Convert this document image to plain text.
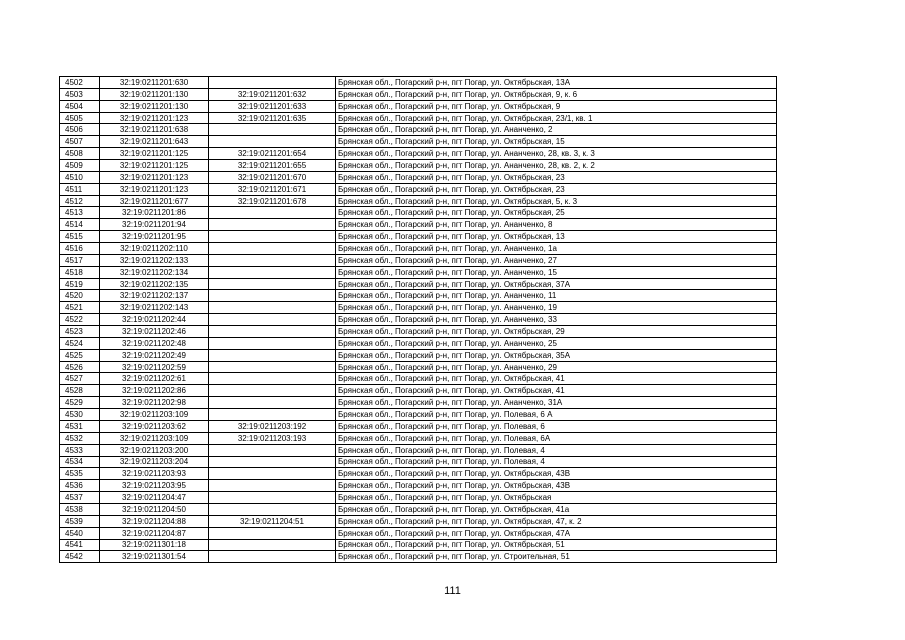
4502	32:19:0211201:630		Брянская обл., Погарский р-н, пгт Погар, ул. Октябрьская, 13А
4503	32:19:0211201:130	32:19:0211201:632	Брянская обл., Погарский р-н, пгт Погар, ул. Октябрьская, 9, к. 6
4504	32:19:0211201:130	32:19:0211201:633	Брянская обл., Погарский р-н, пгт Погар, ул. Октябрьская, 9
4505	32:19:0211201:123	32:19:0211201:635	Брянская обл., Погарский р-н, пгт Погар, ул. Октябрьская, 23/1, кв. 1
4506	32:19:0211201:638		Брянская обл., Погарский р-н, пгт Погар, ул. Ананченко, 2
4507	32:19:0211201:643		Брянская обл., Погарский р-н, пгт Погар, ул. Октябрьская, 15
4508	32:19:0211201:125	32:19:0211201:654	Брянская обл., Погарский р-н, пгт Погар, ул. Ананченко, 28, кв. 3, к. 3
4509	32:19:0211201:125	32:19:0211201:655	Брянская обл., Погарский р-н, пгт Погар, ул. Ананченко, 28, кв. 2, к. 2
4510	32:19:0211201:123	32:19:0211201:670	Брянская обл., Погарский р-н, пгт Погар, ул. Октябрьская, 23
4511	32:19:0211201:123	32:19:0211201:671	Брянская обл., Погарский р-н, пгт Погар, ул. Октябрьская, 23
4512	32:19:0211201:677	32:19:0211201:678	Брянская обл., Погарский р-н, пгт Погар, ул. Октябрьская, 5, к. 3
4513	32:19:0211201:86		Брянская обл., Погарский р-н, пгт Погар, ул. Октябрьская, 25
4514	32:19:0211201:94		Брянская обл., Погарский р-н, пгт Погар, ул. Ананченко, 8
4515	32:19:0211201:95		Брянская обл., Погарский р-н, пгт Погар, ул. Октябрьская, 13
4516	32:19:0211202:110		Брянская обл., Погарский р-н, пгт Погар, ул. Ананченко, 1а
4517	32:19:0211202:133		Брянская обл., Погарский р-н, пгт Погар, ул. Ананченко, 27
4518	32:19:0211202:134		Брянская обл., Погарский р-н, пгт Погар, ул. Ананченко, 15
4519	32:19:0211202:135		Брянская обл., Погарский р-н, пгт Погар, ул. Октябрьская, 37А
4520	32:19:0211202:137		Брянская обл., Погарский р-н, пгт Погар, ул. Ананченко, 11
4521	32:19:0211202:143		Брянская обл., Погарский р-н, пгт Погар, ул. Ананченко, 19
4522	32:19:0211202:44		Брянская обл., Погарский р-н, пгт Погар, ул. Ананченко, 33
4523	32:19:0211202:46		Брянская обл., Погарский р-н, пгт Погар, ул. Октябрьская, 29
4524	32:19:0211202:48		Брянская обл., Погарский р-н, пгт Погар, ул. Ананченко, 25
4525	32:19:0211202:49		Брянская обл., Погарский р-н, пгт Погар, ул. Октябрьская, 35А
4526	32:19:0211202:59		Брянская обл., Погарский р-н, пгт Погар, ул. Ананченко, 29
4527	32:19:0211202:61		Брянская обл., Погарский р-н, пгт Погар, ул. Октябрьская, 41
4528	32:19:0211202:86		Брянская обл., Погарский р-н, пгт Погар, ул. Октябрьская, 41
4529	32:19:0211202:98		Брянская обл., Погарский р-н, пгт Погар, ул. Ананченко, 31А
4530	32:19:0211203:109		Брянская обл., Погарский р-н, пгт Погар, ул. Полевая, 6 А
4531	32:19:0211203:62	32:19:0211203:192	Брянская обл., Погарский р-н, пгт Погар, ул. Полевая, 6
4532	32:19:0211203:109	32:19:0211203:193	Брянская обл., Погарский р-н, пгт Погар, ул. Полевая, 6А
4533	32:19:0211203:200		Брянская обл., Погарский р-н, пгт Погар, ул. Полевая, 4
4534	32:19:0211203:204		Брянская обл., Погарский р-н, пгт Погар, ул. Полевая, 4
4535	32:19:0211203:93		Брянская обл., Погарский р-н, пгт Погар, ул. Октябрьская, 43В
4536	32:19:0211203:95		Брянская обл., Погарский р-н, пгт Погар, ул. Октябрьская, 43В
4537	32:19:0211204:47		Брянская обл., Погарский р-н, пгт Погар, ул. Октябрьская
4538	32:19:0211204:50		Брянская обл., Погарский р-н, пгт Погар, ул. Октябрьская, 41а
4539	32:19:0211204:88	32:19:0211204:51	Брянская обл., Погарский р-н, пгт Погар, ул. Октябрьская, 47, к. 2
4540	32:19:0211204:87		Брянская обл., Погарский р-н, пгт Погар, ул. Октябрьская, 47А
4541	32:19:0211301:18		Брянская обл., Погарский р-н, пгт Погар, ул. Октябрьская, 51
4542	32:19:0211301:54		Брянская обл., Погарский р-н, пгт Погар, ул. Строительная, 51
111
